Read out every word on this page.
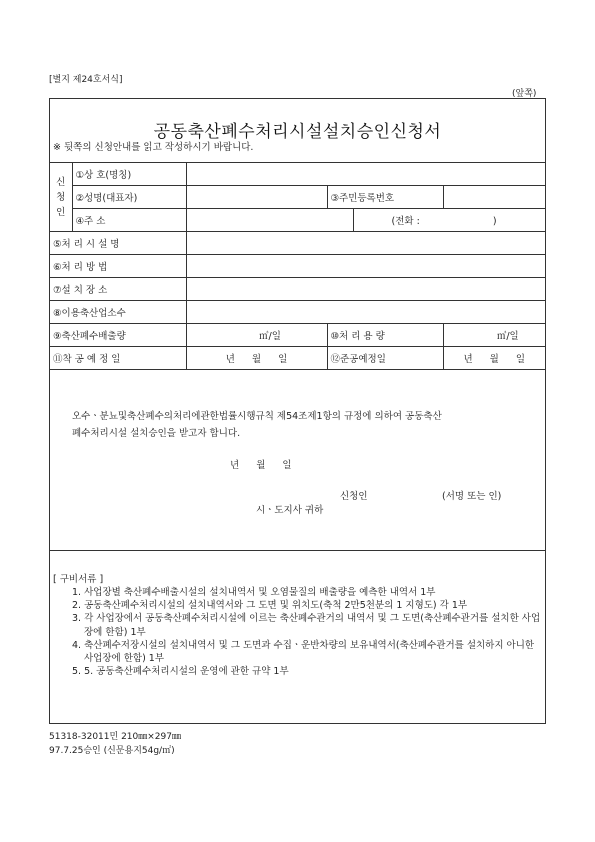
[별지 제24호서식]
(앞쪽)
공동축산폐수처리시설설치승인신청서
※ 뒷쪽의 신청안내를 읽고 작성하시기 바랍니다.
신
청
인	①상 호(명칭)				
	②성명(대표자)		③주민등록번호		
	④주 소			(전화 : )	
⑤처 리 시 설 명					
⑥처 리 방 법					
⑦설 치 장 소					
⑧이용축산업소수					
⑨축산폐수배출량		㎥/일	⑩처 리 용 량		㎥/일
⑪착 공 예 정 일		년 월 일	⑫준공예정일		년 월 일
오수ㆍ분뇨및축산폐수의처리에관한법률시행규칙 제54조제1항의 규정에 의하여 공동축산
폐수처리시설 설치승인을 받고자 합니다.
년 월 일
신청인	(서명 또는 인)
시ㆍ도지사 귀하
[ 구비서류 ]
1. 사업장별 축산폐수배출시설의 설치내역서 및 오염물질의 배출량을 예측한 내역서 1부
2. 공동축산폐수처리시설의 설치내역서와 그 도면 및 위치도(축척 2만5천분의 1 지형도) 각 1부
3. 각 사업장에서 공동축산폐수처리시설에 이르는 축산폐수관거의 내역서 및 그 도면(축산폐수관거를 설치한 사업장에 한함) 1부
4. 축산폐수저장시설의 설치내역서 및 그 도면과 수집ㆍ운반차량의 보유내역서(축산폐수관거를 설치하지 아니한 사업장에 한함) 1부
5. 5. 공동축산폐수처리시설의 운영에 관한 규약 1부
51318-32011민 210㎜×297㎜
97.7.25승인 (신문용지54g/㎡)
